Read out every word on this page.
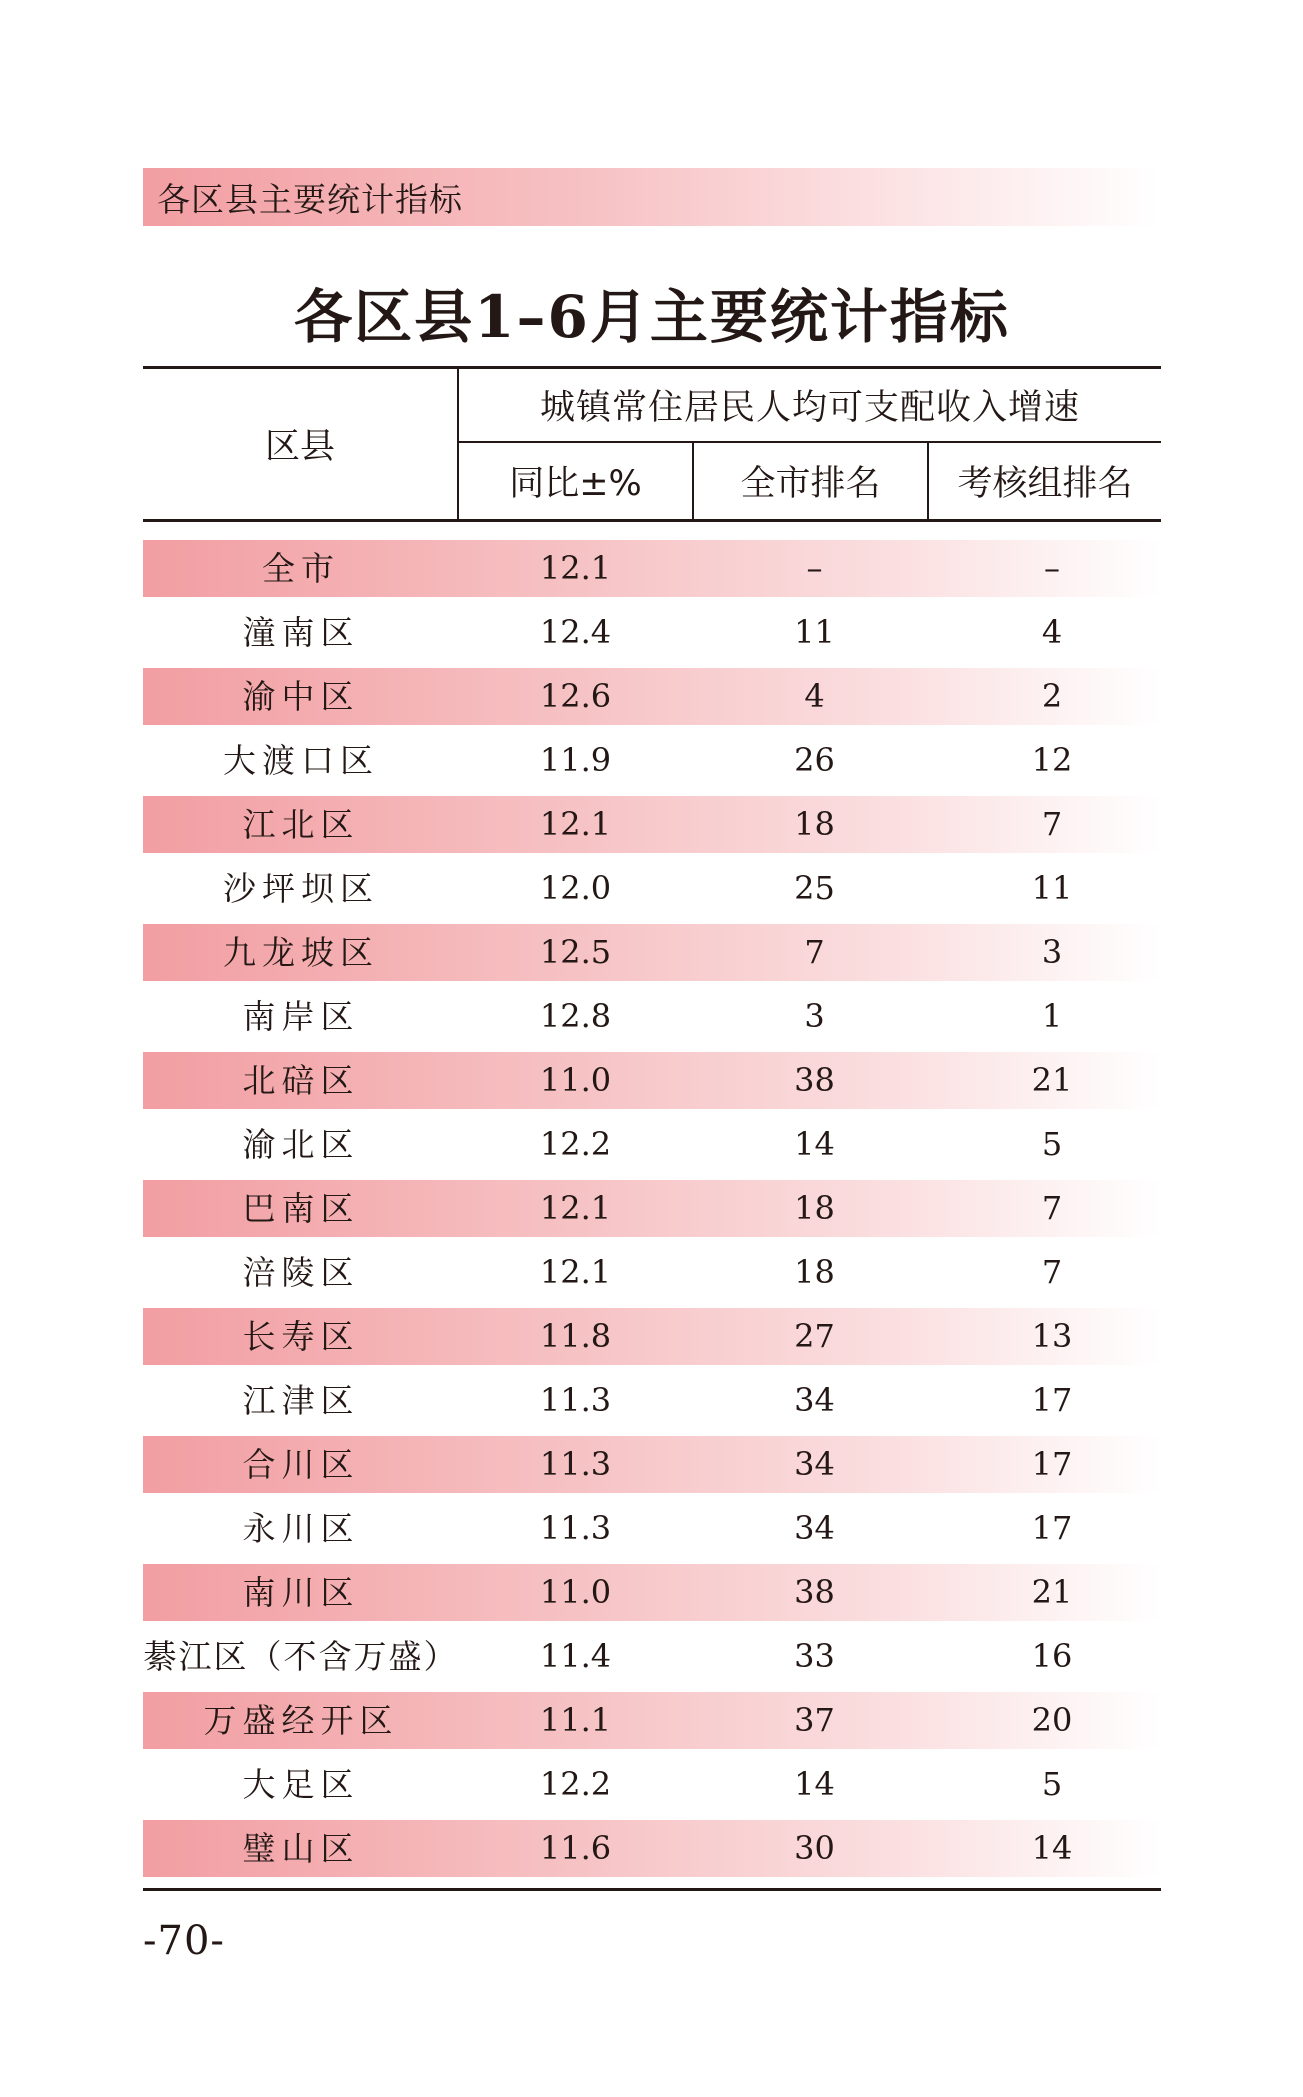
各区县主要统计指标
各区县1–6月主要统计指标
区县
城镇常住居民人均可支配收入增速
同比±%	全市排名	考核组排名
全市	12.1	–	–
潼南区	12.4	11	4
渝中区	12.6	4	2
大渡口区	11.9	26	12
江北区	12.1	18	7
沙坪坝区	12.0	25	11
九龙坡区	12.5	7	3
南岸区	12.8	3	1
北碚区	11.0	38	21
渝北区	12.2	14	5
巴南区	12.1	18	7
涪陵区	12.1	18	7
长寿区	11.8	27	13
江津区	11.3	34	17
合川区	11.3	34	17
永川区	11.3	34	17
南川区	11.0	38	21
綦江区（不含万盛）	11.4	33	16
万盛经开区	11.1	37	20
大足区	12.2	14	5
璧山区	11.6	30	14
-70-
